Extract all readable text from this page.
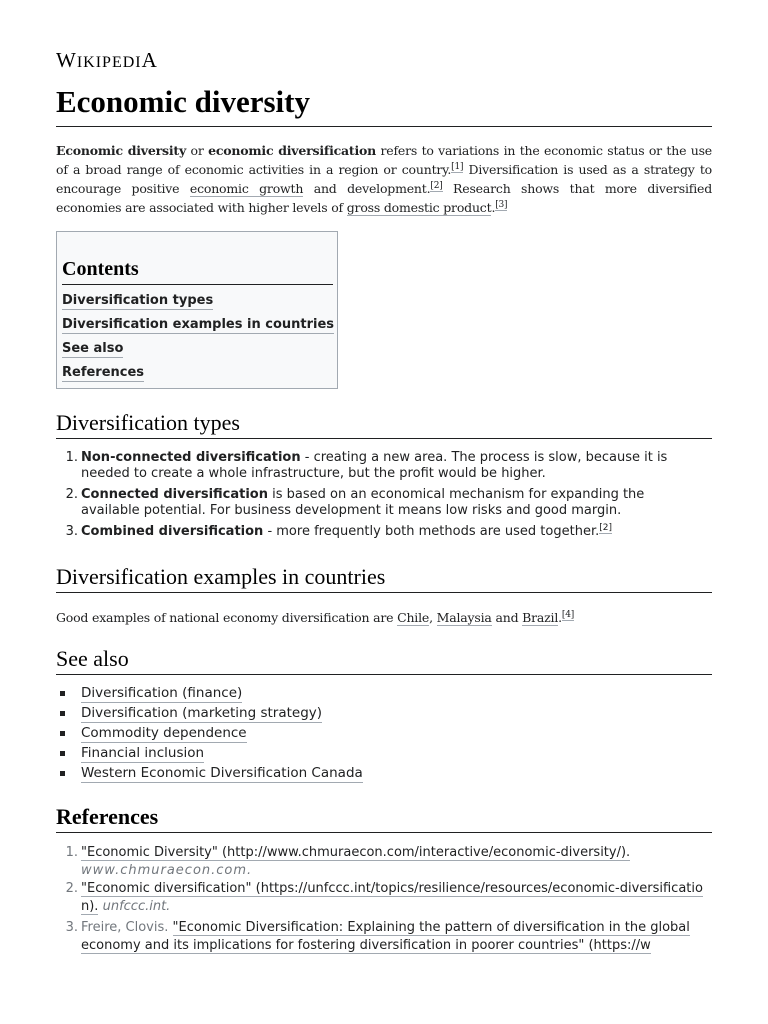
WIKIPEDIA
Economic diversity

Economic diversity or economic diversification refers to variations in the economic status or the use of a broad range of economic activities in a region or country.[1] Diversification is used as a strategy to encourage positive economic growth and development.[2] Research shows that more diversified economies are associated with higher levels of gross domestic product.[3]

Contents
Diversification types
Diversification examples in countries
See also
References
Diversification types
1. Non-connected diversification - creating a new area. The process is slow, because it is needed to create a whole infrastructure, but the profit would be higher.
2. Connected diversification is based on an economical mechanism for expanding the available potential. For business development it means low risks and good margin.
3. Combined diversification - more frequently both methods are used together.[2]
Diversification examples in countries

Good examples of national economy diversification are Chile, Malaysia and Brazil.[4]

See also
Diversification (finance)
Diversification (marketing strategy)
Commodity dependence
Financial inclusion
Western Economic Diversification Canada
References
1. "Economic Diversity" (http://www.chmuraecon.com/interactive/economic-diversity/).
www.chmuraecon.com.
2. "Economic diversification" (https://unfccc.int/topics/resilience/resources/economic-diversification). unfccc.int.
3. Freire, Clovis. "Economic Diversification: Explaining the pattern of diversification in the global economy and its implications for fostering diversification in poorer countries" (https://w
